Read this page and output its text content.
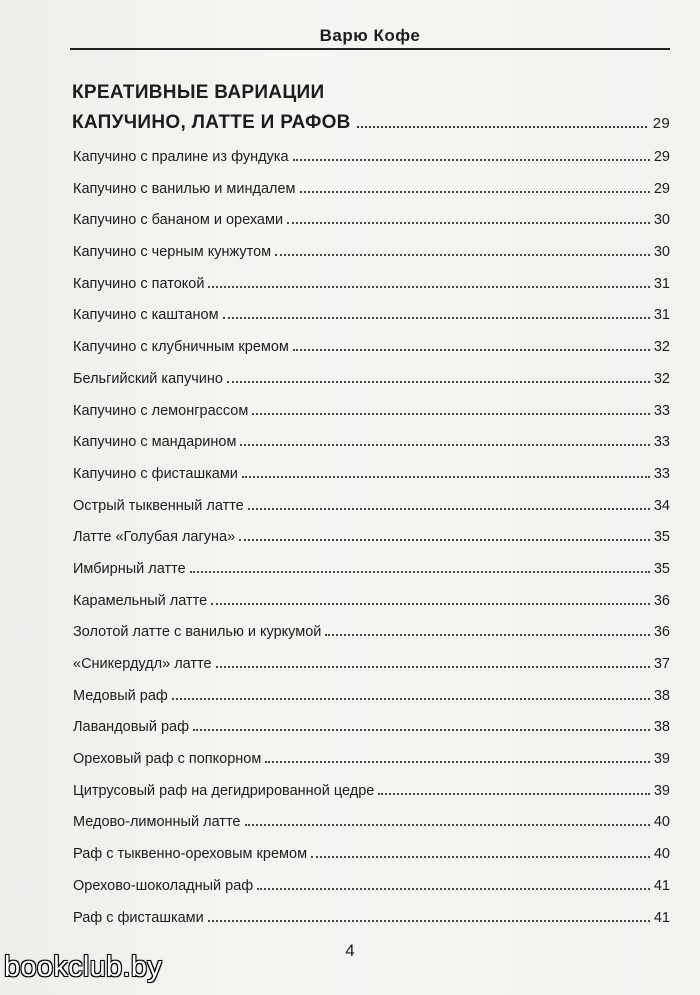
Варю Кофе
КРЕАТИВНЫЕ ВАРИАЦИИ
КАПУЧИНО, ЛАТТЕ И РАФОВ	29
Капучино с пралине из фундука	29
Капучино с ванилью и миндалем	29
Капучино с бананом и орехами	30
Капучино с черным кунжутом	30
Капучино с патокой	31
Капучино с каштаном	31
Капучино с клубничным кремом	32
Бельгийский капучино	32
Капучино с лемонграссом	33
Капучино с мандарином	33
Капучино с фисташками	33
Острый тыквенный латте	34
Латте «Голубая лагуна»	35
Имбирный латте	35
Карамельный латте	36
Золотой латте с ванилью и куркумой	36
«Сникердудл» латте	37
Медовый раф	38
Лавандовый раф	38
Ореховый раф с попкорном	39
Цитрусовый раф на дегидрированной цедре	39
Медово-лимонный латте	40
Раф с тыквенно-ореховым кремом	40
Орехово-шоколадный раф	41
Раф с фисташками	41
4
bookclub.by
